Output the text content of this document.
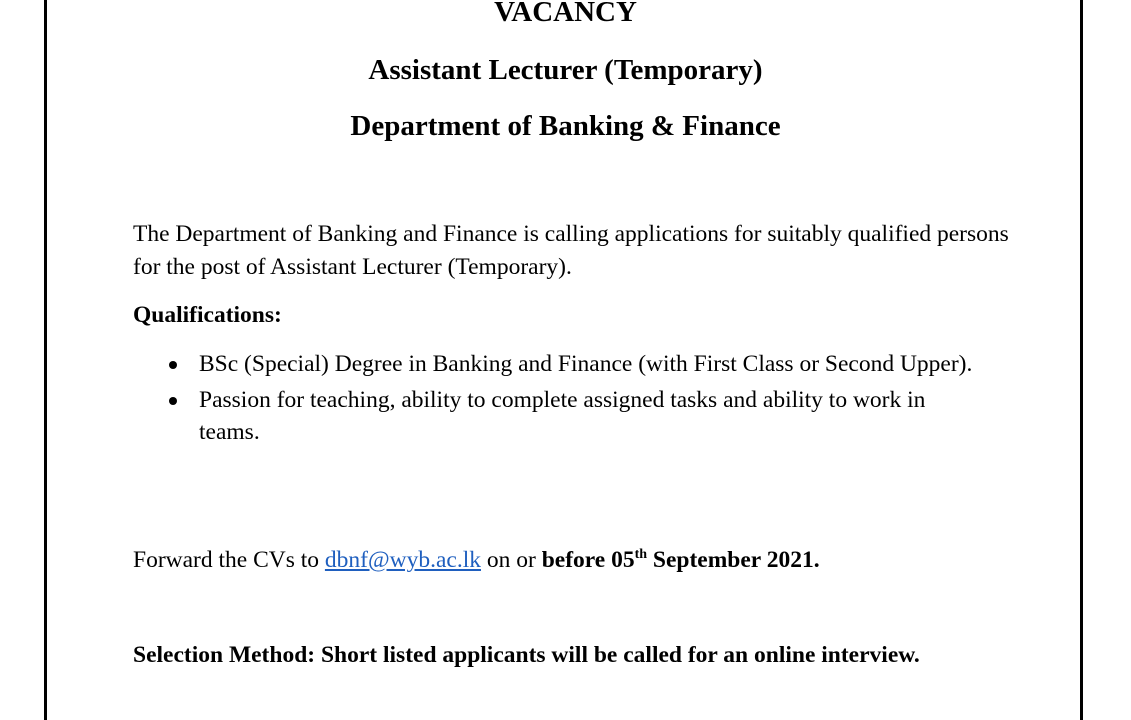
VACANCY
Assistant Lecturer (Temporary)
Department of Banking & Finance

The Department of Banking and Finance is calling applications for suitably qualified persons for the post of Assistant Lecturer (Temporary).

Qualifications:

BSc (Special) Degree in Banking and Finance (with First Class or Second Upper).
Passion for teaching, ability to complete assigned tasks and ability to work in teams.

Forward the CVs to dbnf@wyb.ac.lk on or before 05th September 2021.

Selection Method: Short listed applicants will be called for an online interview.
